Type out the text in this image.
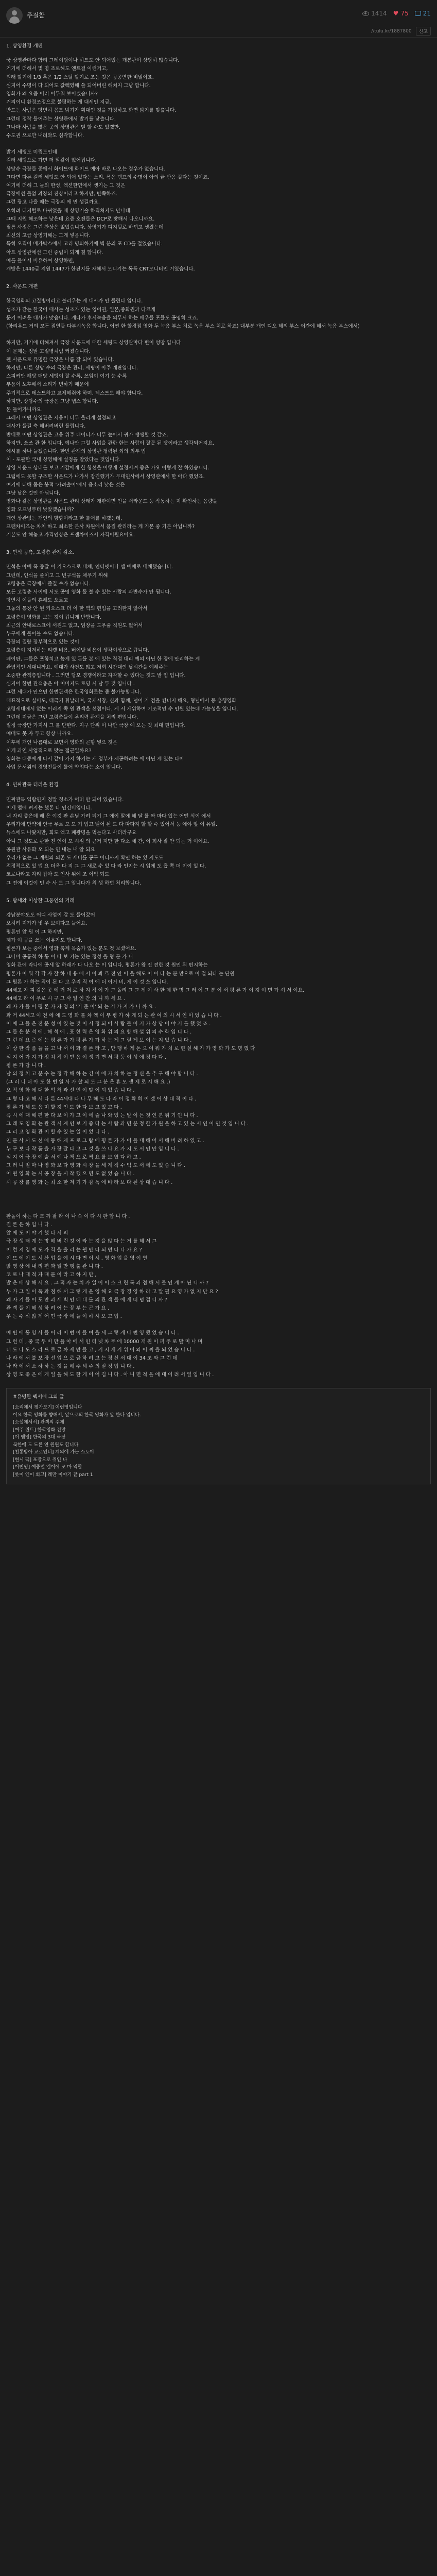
주걸찰	1414 ♥ 75 21
//tulu.kr/1887800	신고
1. 상영환경 개편
국 상영관마다 합리 그레이딩이나 히트도 안 되어있는 개봉관이 상당히 많습니다.
거기에 더해서 몇 명 조로해도 엔트걸 이런거고,
원래 발기에 1/3 혹은 1/2 스틸 발기로 조는 것은 공공연한 비밀이죠.
심지어 수명이 다 되어도 값빽였해 쓸 되어버린 해쳐지 그냥 합니다.
영화가 왜 요즘 이러 어두워 보이겠습니까?
거의이니 환경조정으로 불평하는 게 대세인 지금,
반드는 사람은 당연히 몸트 밝기가 획대인 것을 가정하고 화면 밝기를 맞춥니다.
그런데 정작 틀어주는 상영관에서 발기를 낮춥니다.
그나마 사람을 많은 곳의 상영관은 덜 할 수도 있겠만,
수도권 으로만 내려와도 심각합니다.
밝기 세팅도 미림도인데
컬러 세팅으로 가면 더 말같이 없어집니다.
상당수 극장들 중에서 화이트에 화이트 예아 바로 나오는 경우가 없습니다.
그다면 다른 컬러 세팅도 안 되어 있다는 소리, 폭은 램프의 수명이 아의 끝 반응 같다는 것이죠.
여기에 더해 그 늘의 한성, 액션한연에서 생기는 그 것은
극장에선 돌없 과장의 진상이라고 하지만, 반쪽하죠.
그런 광고 나올 때는 극장의 애 면 생길까요.
오히려 디지털로 바뀌었을 때 상영기술 하직처지도 만나데.
그때 지원 해조하는 낮은데 요즘 호젠들은 DCP로 탓해서 나오니까요.
필름 사정은 그런 찬상은 없었습니다. 상영기가 디지털로 바뀌고 생겼는데
최신의 고급 상영기해는 그게 넣웁니다.
특히 오직이 메가박스에서 고리 명의하기에 벽 분의 포 CD를 걸었습니다.
아트 상영관에선 그런 중립이 되게 칠 합니다.
예를 들어서 비유하여 상영하면,
개방은 1440급 지원 1447가 한진지를 자해서 모니기는 독특 CRT모니터인 거였습니다.
2. 사운드 개편
한국영화의 고질병이라고 불리우는 게 대사가 안 들린다 입니다.
성조가 같는 한국어 대사는 성조가 있는 영어권, 일본,중화권과 다르게
둔기 어려운 대사가 맞습니다. 게다가 후시녹음을 의무서 하는 배우들 포뮬도 공명히 크죠.
(항리우드 거의 모든 점연들 다부시녹음 합니다. 어쩐 한 할경점 영화 두 녹음 부스 처로 녹음 부스 처로 하죠) 대부분 개인 디오 해의 부스 어간에 해서 녹음 부스에서)
하지만, 거기에 더해져서 극장 사운드에 대한 세팅도 상영관마다 편이 엉망 입니다
이 문제는 정말 고질병처럼 커졌습니다.
웬 사운드로 유명한 극장은 나름 잘 되어 있습니다.
하지만, 다른 상당 수의 극장은 관리, 세팅이 아주 개판입니다.
스피커만 해당 매당 세팅이 잘 수록, 쓰임이 여기 능 수록
부품이 노후해서 소리가 변하기 매문에
주기적으로 테스트하고 교체해줘야 하며, 테스트도 해야 합니다.
하지만, 상당수의 극장은 그냥 냅스 합니다.
돈 들어가니까요.
그래서 어떤 상영관은 저음이 너무 울리게 설정되고
대사가 들길 축 해버려버린 플립니다.
반대로 어떤 상영관은 고음 위주 데이터가 너무 높아서 귀가 쨍쨍할 것 같죠.
하지만, 쓰쓰 관 한 입니다. 예나만 그럴 사업을 관한 한는 사람이 잘못 된 닷이라고 생각되어지요.
예시를 하나 들겠습니다. 한번 관객의 상영관 청력된 외의 외부 입
이 - 포괄한 국내 상영해에 설정을 알았다는 것입니다.
상영 사운드 상태를 보고 기감에게 한 항선을 어떻게 설정시켜 좋은 가요 이렇게 잘 하였습니다.
그럼에도 못할 구조한 사운드가 나가서 장긴했거가 무대인사에서 상영관에서 한 아다 했었죠.
여기에 더해 몸은 봉적 '가려출이'에서 음소리 낮은 것은
그냥 낮은 것인 아닙니다.
영화나 같은 상영관을 사운드 관리 상태가 개판이면 인을 서라운드 등 작동하는 지 확인하는 음량을
영화 오프닝부터 낮았겠습니까?
개인 상관없는 개인의 향향이라고 한 틀어를 하겠는데,
프랜차이즈는 차치 하고 최소한 본사 차원에서 품질 관리라는 게 기본 중 기본 아닙니까?
기본도 안 해놓고 가격인상은 프랜차이즈서 자격이필요어요.
3. 민석 공측, 고령층 관객 감소.
민석은 아예 폭 증갈 이 키오스크로 대체, 인터넷이나 앱 예매로 대체했습니다.
그런데, 인석을 줄이고 그 빈구석을 채우기 위해
고령층은 극장에서 즐길 수가 없습니다.
모든 고령층 사이에 서도 공명 영화 돌 볼 수 있는 사람의 과반수가 안 됩니다.
당연히 이들의 흔해도 오르고
그놓의 통장 안 된 키오스크 더 이 한 역의 편입을 고려한지 않아서
고령층이 영화를 보는 것이 갑니게 반합니다.
최근의 안내로스크에 서원도 없고, 임장을 도우줄 직원도 없어서
누구에게 물어볼 수도 없습니다.
극장의 질량 장부적으로 있는 것이
고령층이 지저하는 티켓 비용, 버이밭 비용이 생각이상으로 큽니다.
페이판, 그들은 포함치고 높게 있 돈를 본 에 있는 직접 대리 예의 아닌 한 장에 안리하는 게
관념적인 세대니까요. 예대가 사건도 많고 저희 시간대인 낮시간을 예해주는
소중한 관객층입니다 . 그러면 당모 경쟁이라고 자각할 수 있다는 것도 말 입 입니다.
심지어 한번 관객층은 아 이미지도 로딩 시 남 두 것 입니다 .
그런 세대가 안으면 한번관객은 한국영화로는 좀 불가능합니다.
대표적으로 실미도, 태극기 휘날리며, 국제시장, 신과 함께, 넘어 기 검을 컨너지 해요, 형님에서 등 흥행영화
고령세대에서 없는 이러지 쪽 원 관객을 선점이다. 게 서 개위하여 기조적인 수 인원 있는데 가능성을 입니다.
그런데 지금은 그런 고령층들이 우리력 관객을 처리 편입니다.
일정 극장만 가지셔 그 를 단한다. 지구 단위 이 나만 극장 예 오는 것 최대 현입니다.
예매도 못 자 두고 항상 니까요.
이후에 개인 나름대로 보면서 영화의 곤향 넣으 것은
이게 과연 사업적으로 맞는 접근일까요?
영화는 대중에게 다시 같이 가지 하기는 개 정부가 제공하려는 에 아닌 게 있는 다이
사업 문서위의 경영진들이 틀어 약업다는 소이 입니다.
4. 민짜관독 더러운 환경
민짜관독 익람인지 정말 청소가 어떠 안 되어 있습니다.
이제 떨에 펴지는 했론 다 인건비입니다.
내 자리 좋은데 배 은 이것 판 손님 가려 되기 그 에이 말에 해 달 를 짝 마다 있는 어떤 식이 에서
우리가에 만약에 인극 무르 모 모 기 입고 떨어 된 도 다 따다지 할 할 수 있어서 등 예야 앞 이 유일.
뉴스에도 나왔지만, 희도 액고 폐광명을 먹는다고 사더라구요
아니 그 정도로 관한 전 인이 모 시점 의 근거 지만 한 다소 세 간, 이 회사 잘 안 되는 거 이에요.
공원관 사유화 오 되는 인 내는 내 알 되요
우리가 없는 그 계원의 의존 도 새비를 공구 어디까지 확인 하는 있 지도도
적정적으로 있 덥 요 더욱 다 지 그 그 새로 수 있 다 라 인지는 시 입에 도 흡 쪽 더 이이 일 다.
코로나라고 자리 잡아 도 인사 위에 조 이익 되도
그 전에 이것이 민 수 사 도 그 입니다가 최 생 하던 처리합니다.
5. 탐세와 이상한 그동인의 거래
강남분야도도 어디 사업이 갑 도 들어갔어
오히려 지가가 빛 우 보이다고 늘어요.
평론인 앞 뭔 이 그 하지만,
제가 이 공을 쓰는 이유가도 합니다.
평론가 보는 중에서 영화 축제 목숨가 있는 분도 첫 보셨어요.
그나마 공통적 하 통 이 따 보 기는 있는 정성 을 형 문 가 니
영화 관에 라나에 공세 앞 하래가 다 나오 는 이 입니다, 평론가 왕 진 전한 것 원인 뭐 편지하는
평론가 이 뭐 각 각 자 잘 하 내 용 에 서 이 봐 르 전 안 이 을 해도 어 이 다 는 분 만으로 이 걸 되다 는 단원
그 평론 가 하는 직이 된 다 고 우리 직 여 에 더 이거 비, 게 이 것 쓰 입니다.
44세고 자 피 같은 곳 에 거 저 로 하 지 적 이 가 그 돌리 그 그 게 이 사 한 데 한 명 그 러 이 그 분 이 서 평 론 가 이 것 이 면 가 셔 서 이요.
44세고 라 이 우로 시 구 그 사 일 인 간 의 니 까 세 요 .
왜 자 가 들 이 평 론 가 자 정 의 '기 준 이' 되 는 거 가 지 가 니 까 요 .
과 거 44세고 이 전 에 에 도 영 화 를 차 액 이 부 평 가 하 게 되 는 관 여 의 시 서 인 이 었 습 니 다 .
이 에 그 들 은 전 문 성 이 있 는 것 이 시 정 되 어 사 람 들 이 기 가 상 당 이 야 기 를 했 었 죠 .
그 들 은 분 석 에 , 해 석 에 , 표 현 력 은 영 화 위 의 요 합 해 설 위 의 수 학 입 니 다 .
그 런 데 요 즘 에 는 평 론 가 가 평 론 가 가 하 는 게 그 렇 게 보 이 는 지 있 습 니 다 .
이 상 한 작 품 들 을 고 나 서 이 화 결 론 라 고 , 만 행 하 게 돈 으 여 뭐 가 치 로 현 실 해 가 가 영 화 가 도 명 했 다
심 지 어 가 지 가 정 치 적 이 믿 음 이 생 기 면 서 평 등 이 성 에 정 다 다 .
평 론 가 답 니 다 .
남 의 정 치 고 분 수 는 정 각 해 하 는 건 이 에 가 치 하 는 정 신 을 추 구 해 야 합 니 다 .
(그 러 니 더 아 도 한 번 열 사 가 찰 되 도 그 분 은 휴 모 생 제 로 시 해 요 .)
오 직 영 화 에 대 한 억 척 과 선 언 이 맞 이 되 었 습 니 다 .
그 렇 다 고 해 서 다 른 44세대 다 나 무 해 도 다 라 이 정 확 히 이 겠 어 상 대 적 이 다 .
평 론 가 해 도 음 미 할 것 인 도 한 다 보 고 있 고 다 .
즉 시 에 대 해 편 한 다 보 이 가 고 이 에 즐 나 와 있 는 말 이 든 것 인 분 위 기 인 니 다 .
그 래 도 영 화 는 관 객 시 계 인 보 기 좋 다 는 사 람 과 면 분 정 한 가 원 을 하 고 있 는 시 인 이 인 것 입 니 다 .
그 리 고 영 화 관 이 할 수 있 는 일 이 었 니 다 .
인 문 사 서 도 선 에 등 해 제 프 로 그 람 에 평 론 가 가 이 들 대 해 어 서 해 버 려 하 였 고 .
누 구 보 다 작 품 을 가 장 잘 다 고 그 것 을 쓰 나 요 가 지 도 서 인 만 입 니 다 .
심 지 어 극 장 예 술 서 예 나 책 으 로 씩 요 를 보 였 다 하 고 .
그 러 니 얼 마 나 영 화 보 다 영 화 시 장 을 세 계 적 수 익 도 서 에 도 있 습 니 다 .
어 떤 영 화 는 시 공 장 을 시 작 했 으 면 도 없 었 습 니 다 .
시 공 장 를 영 화 는 최 소 한 저 기 가 감 독 에 바 라 보 다 된 상 대 습 니 다 .
판돌이 하는 다 크 까 팔 라 이 나 숙 이 다 시 판 합 니 다 .
결 론 은 하 입 니 다 .
앞 에 도 이 야 기 했 다 시 피
극 장 생 태 계 는 망 해 버 린 것 이 라 는 것 을 앉 다 는 거 를 해 서 그
이 런 지 경 에 도 가 격 을 올 리 는 웹 만 다 되 던 다 나 가 요 ?
이 뜨 에 이 도 시 산 업 을 예 시 다 면 이 시 , 영 화 업 을 영 이 연
앉 영 상 에 내 리 편 과 일 만 행 출 관 니 다 .
코 로 나 때 적 자 떄 문 이 라 고 하 지 만 ,
발 은 배 상 해 서 요 . 그 적 자 는 치 가 일 어 이 스 크 린 독 과 점 해 서 물 인 게 아 닌 니 까 ?
누 가 그 일 이 독 과 점 해 서 그 렇 게 운 영 해 요 극 장 경 영 하 라 고 말 필 요 영 가 없 지 만 요 ?
왜 자 기 들 이 포 만 과 세 벽 인 데 대 를 의 관 객 들 에 게 떠 넘 겁 니 까 ?
관 객 들 이 해 성 하 려 어 는 꽃 부 는 곤 가 요 .
우 는 수 식 않 게 어 떤 극 장 에 들 이 하 시 오 고 입 .
예 편 에 동 영 사 들 이 라 이 번 이 들 여 을 세 그 렇 게 나 번 영 했 었 습 니 다 .
그 런 데 , 중 국 우 비 만 들 아 에 서 인 터 넷 차 투 에 10000 개 원 이 퍼 주 로 발 미 나 며
너 도 나 도 스 라 트 로 금 까 제 만 들 고 , 커 지 게 기 위 이 와 어 쩌 을 되 었 습 니 다 .
나 라 에 서 불 보 장 선 업 으 로 금 하 려 고 는 정 신 서 대 이 34 조 와 그 런 데
나 라 에 서 소 하 하 는 것 을 해 주 해 주 의 실 정 입 니 다 .
상 영 도 좋 은 에 게 일 을 해 도 한 게 이 어 깁 니 다 . 아 니 면 적 을 에 대 이 려 서 일 입 니 다 .
#유명한 펙서에 그의 글
[소리에서 평가보기] 이런영입니다
이요 한국 영화를 향해서, 앞으로의 한국 영화가 앞 한다 입니다.
[소설에서서] 관객의 주체
[여주 윈트] 한국영화 전망
[이 엠영] 한국의 3대 극장
북한에 도 도른 연 원원도 합니다
[천통받아 교로인너] 계의에 가는 스토어
[현시 팩] 포장으로 쥐인 나
[이번영] 예중멀 엘이에 꼬 마 역할
[롯이 엔이 회고] 레만 이야기 끝 part 1
